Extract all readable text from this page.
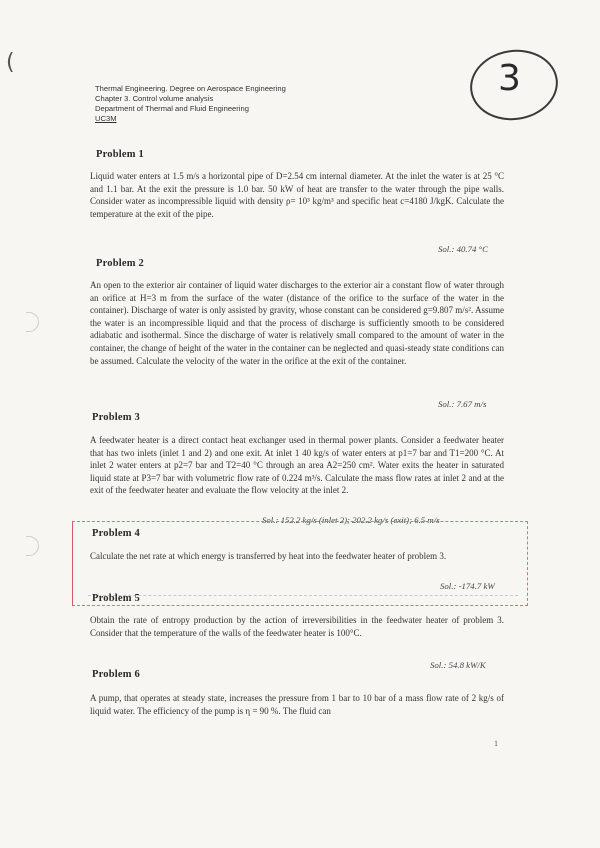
(	3
Thermal Engineering. Degree on Aerospace Engineering
Chapter 3. Control volume analysis
Department of Thermal and Fluid Engineering
UC3M
Problem 1
Liquid water enters at 1.5 m/s a horizontal pipe of D=2.54 cm internal diameter. At the inlet the water is at 25 °C and 1.1 bar. At the exit the pressure is 1.0 bar. 50 kW of heat are transfer to the water through the pipe walls. Consider water as incompressible liquid with density ρ= 10³ kg/m³ and specific heat c=4180 J/kgK. Calculate the temperature at the exit of the pipe.
Sol.: 40.74 °C
Problem 2
An open to the exterior air container of liquid water discharges to the exterior air a constant flow of water through an orifice at H=3 m from the surface of the water (distance of the orifice to the surface of the water in the container). Discharge of water is only assisted by gravity, whose constant can be considered g=9.807 m/s². Assume the water is an incompressible liquid and that the process of discharge is sufficiently smooth to be considered adiabatic and isothermal. Since the discharge of water is relatively small compared to the amount of water in the container, the change of height of the water in the container can be neglected and quasi-steady state conditions can be assumed. Calculate the velocity of the water in the orifice at the exit of the container.
Sol.: 7.67 m/s
Problem 3
A feedwater heater is a direct contact heat exchanger used in thermal power plants. Consider a feedwater heater that has two inlets (inlet 1 and 2) and one exit. At inlet 1 40 kg/s of water enters at p1=7 bar and T1=200 °C. At inlet 2 water enters at p2=7 bar and T2=40 °C through an area A2=250 cm². Water exits the heater in saturated liquid state at P3=7 bar with volumetric flow rate of 0.224 m³/s. Calculate the mass flow rates at inlet 2 and at the exit of the feedwater heater and evaluate the flow velocity at the inlet 2.
Sol.: 152.2 kg/s (inlet 2); 202.2 kg/s (exit); 6.5 m/s
Problem 4
Calculate the net rate at which energy is transferred by heat into the feedwater heater of problem 3.
Sol.: -174.7 kW
Problem 5
Obtain the rate of entropy production by the action of irreversibilities in the feedwater heater of problem 3. Consider that the temperature of the walls of the feedwater heater is 100°C.
Sol.: 54.8 kW/K
Problem 6
A pump, that operates at steady state, increases the pressure from 1 bar to 10 bar of a mass flow rate of 2 kg/s of liquid water. The efficiency of the pump is η = 90 %. The fluid can
1
